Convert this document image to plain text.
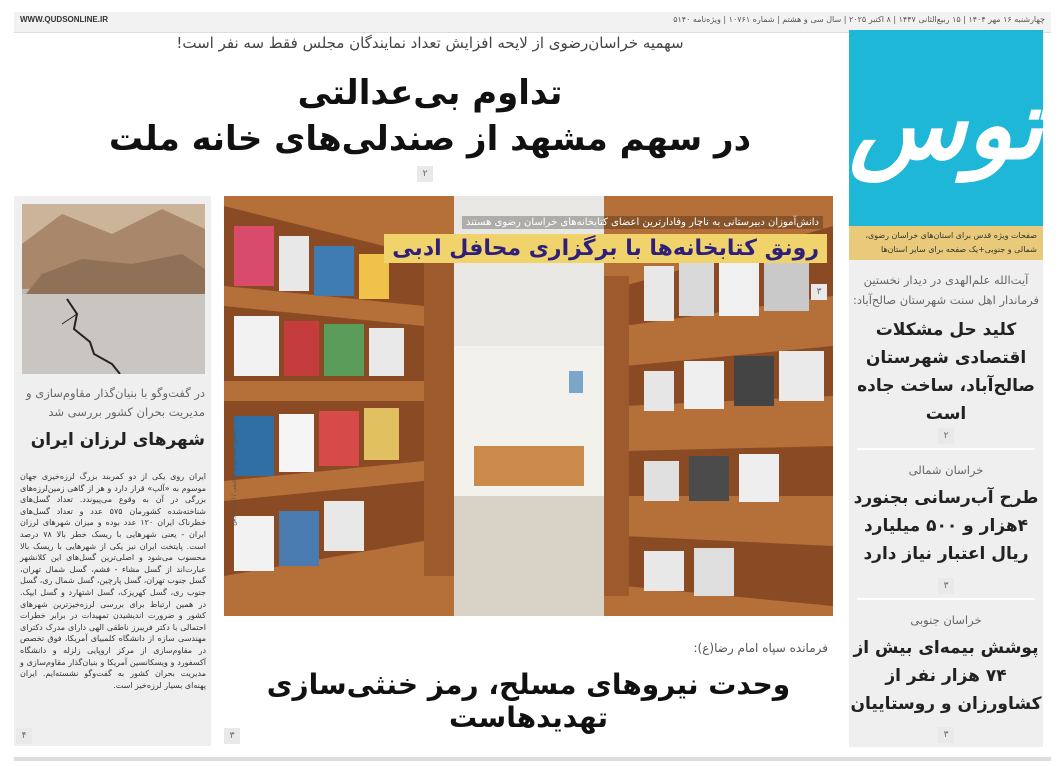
WWW.QUDSONLINE.IR	چهارشنبه ۱۶ مهر ۱۴۰۴ | ۱۵ ربیع‌الثانی ۱۴۴۷ | ۸ اکتبر ۲۰۲۵ | سال سی و هشتم | شماره ۱۰۷۶۱ | ویژه‌نامه ۵۱۴۰
توس
صفحات ویژه قدس برای استان‌های خراسان رضوی، شمالی و جنوبی+یک صفحه برای سایر استان‌ها
سهمیه خراسان‌رضوی از لایحه افزایش تعداد نمایندگان مجلس فقط سه نفر است!
تداوم بی‌عدالتی
در سهم مشهد از صندلی‌های خانه ملت
۲
در گفت‌وگو با بنیان‌گذار مقاوم‌سازی و مدیریت بحران کشور بررسی شد
شهرهای لرزان ایران
ایران روی یکی از دو کمربند بزرگ لرزه‌خیزی جهان موسوم به «آلپ» قرار دارد و هر از گاهی زمین‌لرزه‌های بزرگی در آن به وقوع می‌پیوندد. تعداد گسل‌های شناخته‌شده کشورمان ۵۷۵ عدد و تعداد گسل‌های خطرناک ایران ۱۲۰ عدد بوده و میزان شهرهای لرزان ایران - یعنی شهرهایی با ریسک خطر بالا ۷۸ درصد است. پایتخت ایران نیز یکی از شهرهایی با ریسک بالا محسوب می‌شود و اصلی‌ترین گسل‌های این کلانشهر عبارت‌اند از گسل مشاء - فشم، گسل شمال تهران، گسل جنوب تهران، گسل پارچین، گسل شمال ری، گسل جنوب ری، گسل کهریزک، گسل اشتهارد و گسل ایپک. در همین ارتباط برای بررسی لرزه‌خیزترین شهرهای کشور و ضرورت اندیشیدن تمهیدات در برابر خطرات احتمالی با دکتر فریبرز ناطقی الهی دارای مدرک دکترای مهندسی سازه از دانشگاه کلمبیای آمریکا، فوق تخصص در مقاوم‌سازی از مرکز اروپایی زلزله و دانشگاه آکسفورد و ویسکانسین آمریکا و بنیان‌گذار مقاوم‌سازی و مدیریت بحران کشور به گفت‌وگو نشسته‌ایم. ایران پهنه‌ای بسیار لرزه‌خیز است.
۴
دانش‌آموزان دبیرستانی به ناچار وفادارترین اعضای کتابخانه‌های خراسان رضوی هستند
رونق کتابخانه‌ها با برگزاری محافل ادبی
۳
عکس: سیدمهدی هاشمی / ایسنا قدس
فرمانده سپاه امام رضا(ع):
وحدت نیروهای مسلح، رمز خنثی‌سازی تهدیدهاست
۳
آیت‌الله علم‌الهدی در دیدار نخستین فرماندار اهل سنت شهرستان صالح‌آباد:
کلید حل مشکلات اقتصادی شهرستان صالح‌آباد، ساخت جاده است
۲
خراسان شمالی
طرح آب‌رسانی بجنورد ۴هزار و ۵۰۰ میلیارد ریال اعتبار نیاز دارد
۳
خراسان جنوبی
پوشش بیمه‌ای بیش از ۷۴ هزار نفر از کشاورزان و روستاییان
۳
